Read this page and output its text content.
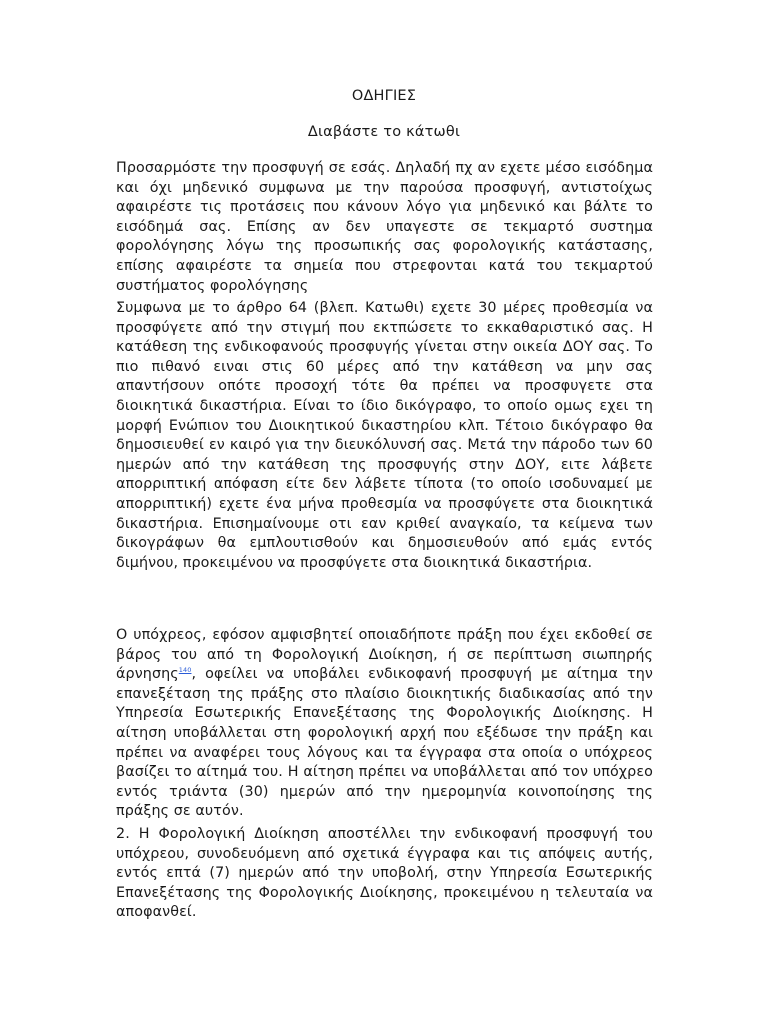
ΟΔΗΓΙΕΣ
Διαβάστε το κάτωθι

Προσαρμόστε την προσφυγή σε εσάς. Δηλαδή πχ αν εχετε μέσο εισόδημα και όχι μηδενικό συμφωνα με την παρούσα προσφυγή, αντιστοίχως αφαιρέστε τις προτάσεις που κάνουν λόγο για μηδενικό και βάλτε το εισόδημά σας. Επίσης αν δεν υπαγεστε σε τεκμαρτό συστημα φορολόγησης λόγω της προσωπικής σας φορολογικής κατάστασης, επίσης αφαιρέστε τα σημεία που στρεφονται κατά του τεκμαρτού συστήματος φορολόγησης

Συμφωνα με το άρθρο 64 (βλεπ. Κατωθι) εχετε 30 μέρες προθεσμία να προσφύγετε από την στιγμή που εκτπώσετε το εκκαθαριστικό σας. Η κατάθεση της ενδικοφανούς προσφυγής γίνεται στην οικεία ΔΟΥ σας. Το πιο πιθανό ειναι στις 60 μέρες από την κατάθεση να μην σας απαντήσουν οπότε προσοχή τότε θα πρέπει να προσφυγετε στα διοικητικά δικαστήρια. Είναι το ίδιο δικόγραφο, το οποίο ομως εχει τη μορφή Ενώπιον του Διοικητικού δικαστηρίου κλπ. Τέτοιο δικόγραφο θα δημοσιευθεί εν καιρό για την διευκόλυνσή σας. Μετά την πάροδο των 60 ημερών από την κατάθεση της προσφυγής στην ΔΟΥ, ειτε λάβετε απορριπτική απόφαση είτε δεν λάβετε τίποτα (το οποίο ισοδυναμεί με απορριπτική) εχετε ένα μήνα προθεσμία να προσφύγετε στα διοικητικά δικαστήρια. Επισημαίνουμε οτι εαν κριθεί αναγκαίο, τα κείμενα των δικογράφων θα εμπλουτισθούν και δημοσιευθούν από εμάς εντός διμήνου, προκειμένου να προσφύγετε στα διοικητικά δικαστήρια.

Ο υπόχρεος, εφόσον αμφισβητεί οποιαδήποτε πράξη που έχει εκδοθεί σε βάρος του από τη Φορολογική Διοίκηση, ή σε περίπτωση σιωπηρής άρνησης$^{140}$, οφείλει να υποβάλει ενδικοφανή προσφυγή με αίτημα την επανεξέταση της πράξης στο πλαίσιο διοικητικής διαδικασίας από την Υπηρεσία Εσωτερικής Επανεξέτασης της Φορολογικής Διοίκησης. Η αίτηση υποβάλλεται στη φορολογική αρχή που εξέδωσε την πράξη και πρέπει να αναφέρει τους λόγους και τα έγγραφα στα οποία ο υπόχρεος βασίζει το αίτημά του. Η αίτηση πρέπει να υποβάλλεται από τον υπόχρεο εντός τριάντα (30) ημερών από την ημερομηνία κοινοποίησης της πράξης σε αυτόν.

2. Η Φορολογική Διοίκηση αποστέλλει την ενδικοφανή προσφυγή του υπόχρεου, συνοδευόμενη από σχετικά έγγραφα και τις απόψεις αυτής, εντός επτά (7) ημερών από την υποβολή, στην Υπηρεσία Εσωτερικής Επανεξέτασης της Φορολογικής Διοίκησης, προκειμένου η τελευταία να αποφανθεί.
